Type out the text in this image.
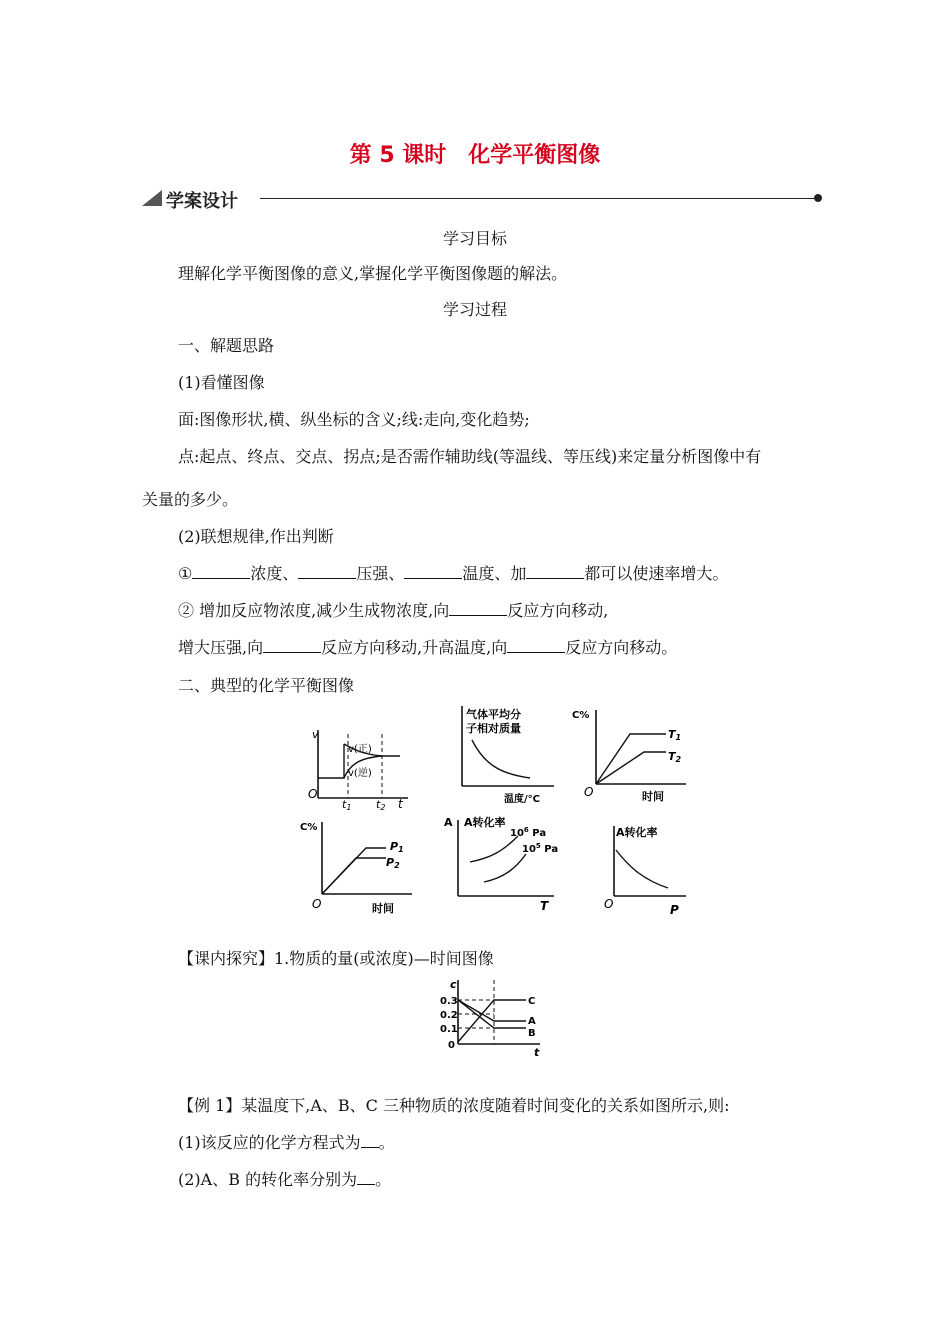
第 5 课时　化学平衡图像
学案设计
学习目标
理解化学平衡图像的意义,掌握化学平衡图像题的解法。
学习过程
一、解题思路
(1)看懂图像
面:图像形状,横、纵坐标的含义;线:走向,变化趋势;
点:起点、终点、交点、拐点;是否需作辅助线(等温线、等压线)来定量分析图像中有
关量的多少。
(2)联想规律,作出判断
①	浓度、	压强、	温度、加	都可以使速率增大。
② 增加反应物浓度,减少生成物浓度,向	反应方向移动,
增大压强,向	反应方向移动,升高温度,向	反应方向移动。
二、典型的化学平衡图像
v
O
t
t1 t2
v(正)
v(逆)
气体平均分
子相对质量
温度/°C
C%
O	时间
T1
T2
C%
O	时间
P1
P2
A A转化率
T
$10^6$ Pa
$10^5$ Pa
A转化率
O	P
【课内探究】1.物质的量(或浓度)—时间图像
c
t
0.3
0.2
0.1
0
C
A
B
【例 1】某温度下,A、B、C 三种物质的浓度随着时间变化的关系如图所示,则:
(1)该反应的化学方程式为 。
(2)A、B 的转化率分别为 。
